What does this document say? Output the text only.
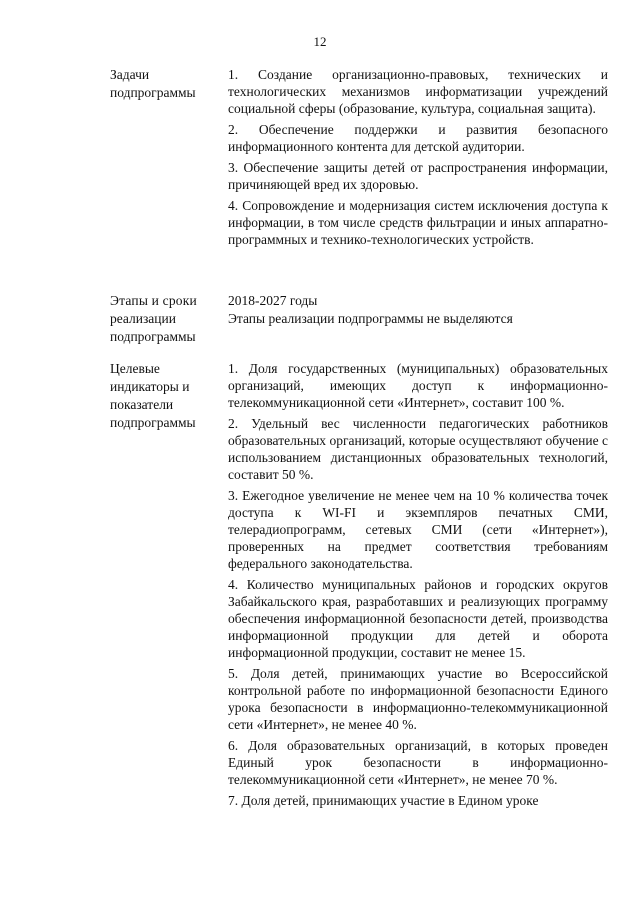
12
Задачи
подпрограммы

1. Создание организационно-правовых, технических и технологических механизмов информатизации учреждений социальной сферы (образование, культура, социальная защита).

2. Обеспечение поддержки и развития безопасного информационного контента для детской аудитории.

3. Обеспечение защиты детей от распространения информации, причиняющей вред их здоровью.

4. Сопровождение и модернизация систем исключения доступа к информации, в том числе средств фильтрации и иных аппаратно-программных и технико-технологических устройств.

Этапы и сроки
реализации
подпрограммы

2018-2027 годы

Этапы реализации подпрограммы не выделяются

Целевые
индикаторы и
показатели
подпрограммы

1. Доля государственных (муниципальных) образовательных организаций, имеющих доступ к информационно-телекоммуникационной сети «Интернет», составит 100 %.

2. Удельный вес численности педагогических работников образовательных организаций, которые осуществляют обучение с использованием дистанционных образовательных технологий, составит 50 %.

3. Ежегодное увеличение не менее чем на 10 % количества точек доступа к WI-FI и экземпляров печатных СМИ, телерадиопрограмм, сетевых СМИ (сети «Интернет»), проверенных на предмет соответствия требованиям федерального законодательства.

4. Количество муниципальных районов и городских округов Забайкальского края, разработавших и реализующих программу обеспечения информационной безопасности детей, производства информационной продукции для детей и оборота информационной продукции, составит не менее 15.

5. Доля детей, принимающих участие во Всероссийской контрольной работе по информационной безопасности Единого урока безопасности в информационно-телекоммуникационной сети «Интернет», не менее 40 %.

6. Доля образовательных организаций, в которых проведен Единый урок безопасности в информационно-телекоммуникационной сети «Интернет», не менее 70 %.

7. Доля детей, принимающих участие в Едином уроке
